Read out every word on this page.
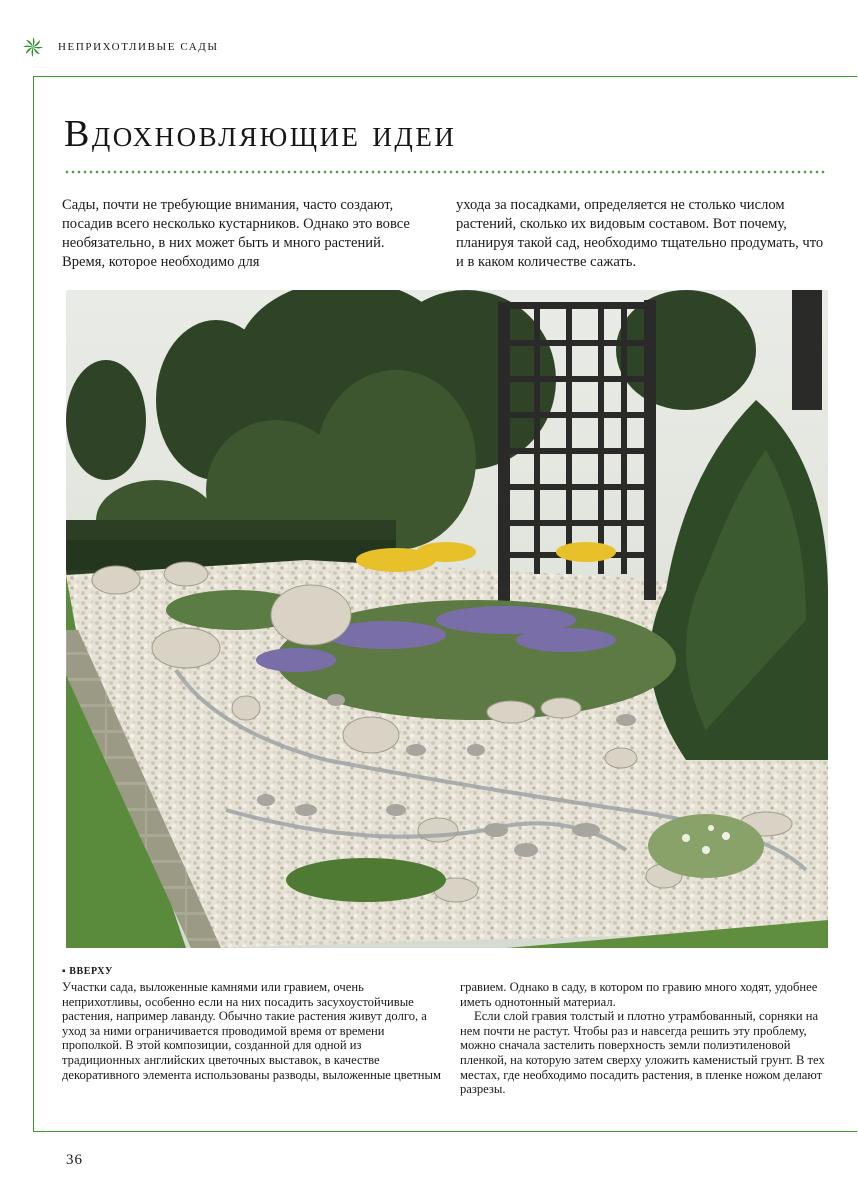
НЕПРИХОТЛИВЫЕ САДЫ
Вдохновляющие идеи

Сады, почти не требующие внимания, часто создают, посадив всего несколько кустарников. Однако это вовсе необязательно, в них может быть и много растений. Время, которое необходимо для

ухода за посадками, определяется не столько числом растений, сколько их видовым составом. Вот почему, планируя такой сад, необходимо тщательно продумать, что и в каком количестве сажать.

▪ ВВЕРХУ

Участки сада, выложенные камнями или гравием, очень неприхотливы, особенно если на них посадить засухоустойчивые растения, например лаванду. Обычно такие растения живут долго, а уход за ними ограничивается проводимой время от времени прополкой. В этой композиции, созданной для одной из традиционных английских цветочных выставок, в качестве декоративного элемента использованы разводы, выложенные цветным

гравием. Однако в саду, в котором по гравию много ходят, удобнее иметь однотонный материал.
Если слой гравия толстый и плотно утрамбованный, сорняки на нем почти не растут. Чтобы раз и навсегда решить эту проблему, можно сначала застелить поверхность земли полиэтиленовой пленкой, на которую затем сверху уложить каменистый грунт. В тех местах, где необходимо посадить растения, в пленке ножом делают разрезы.

36
